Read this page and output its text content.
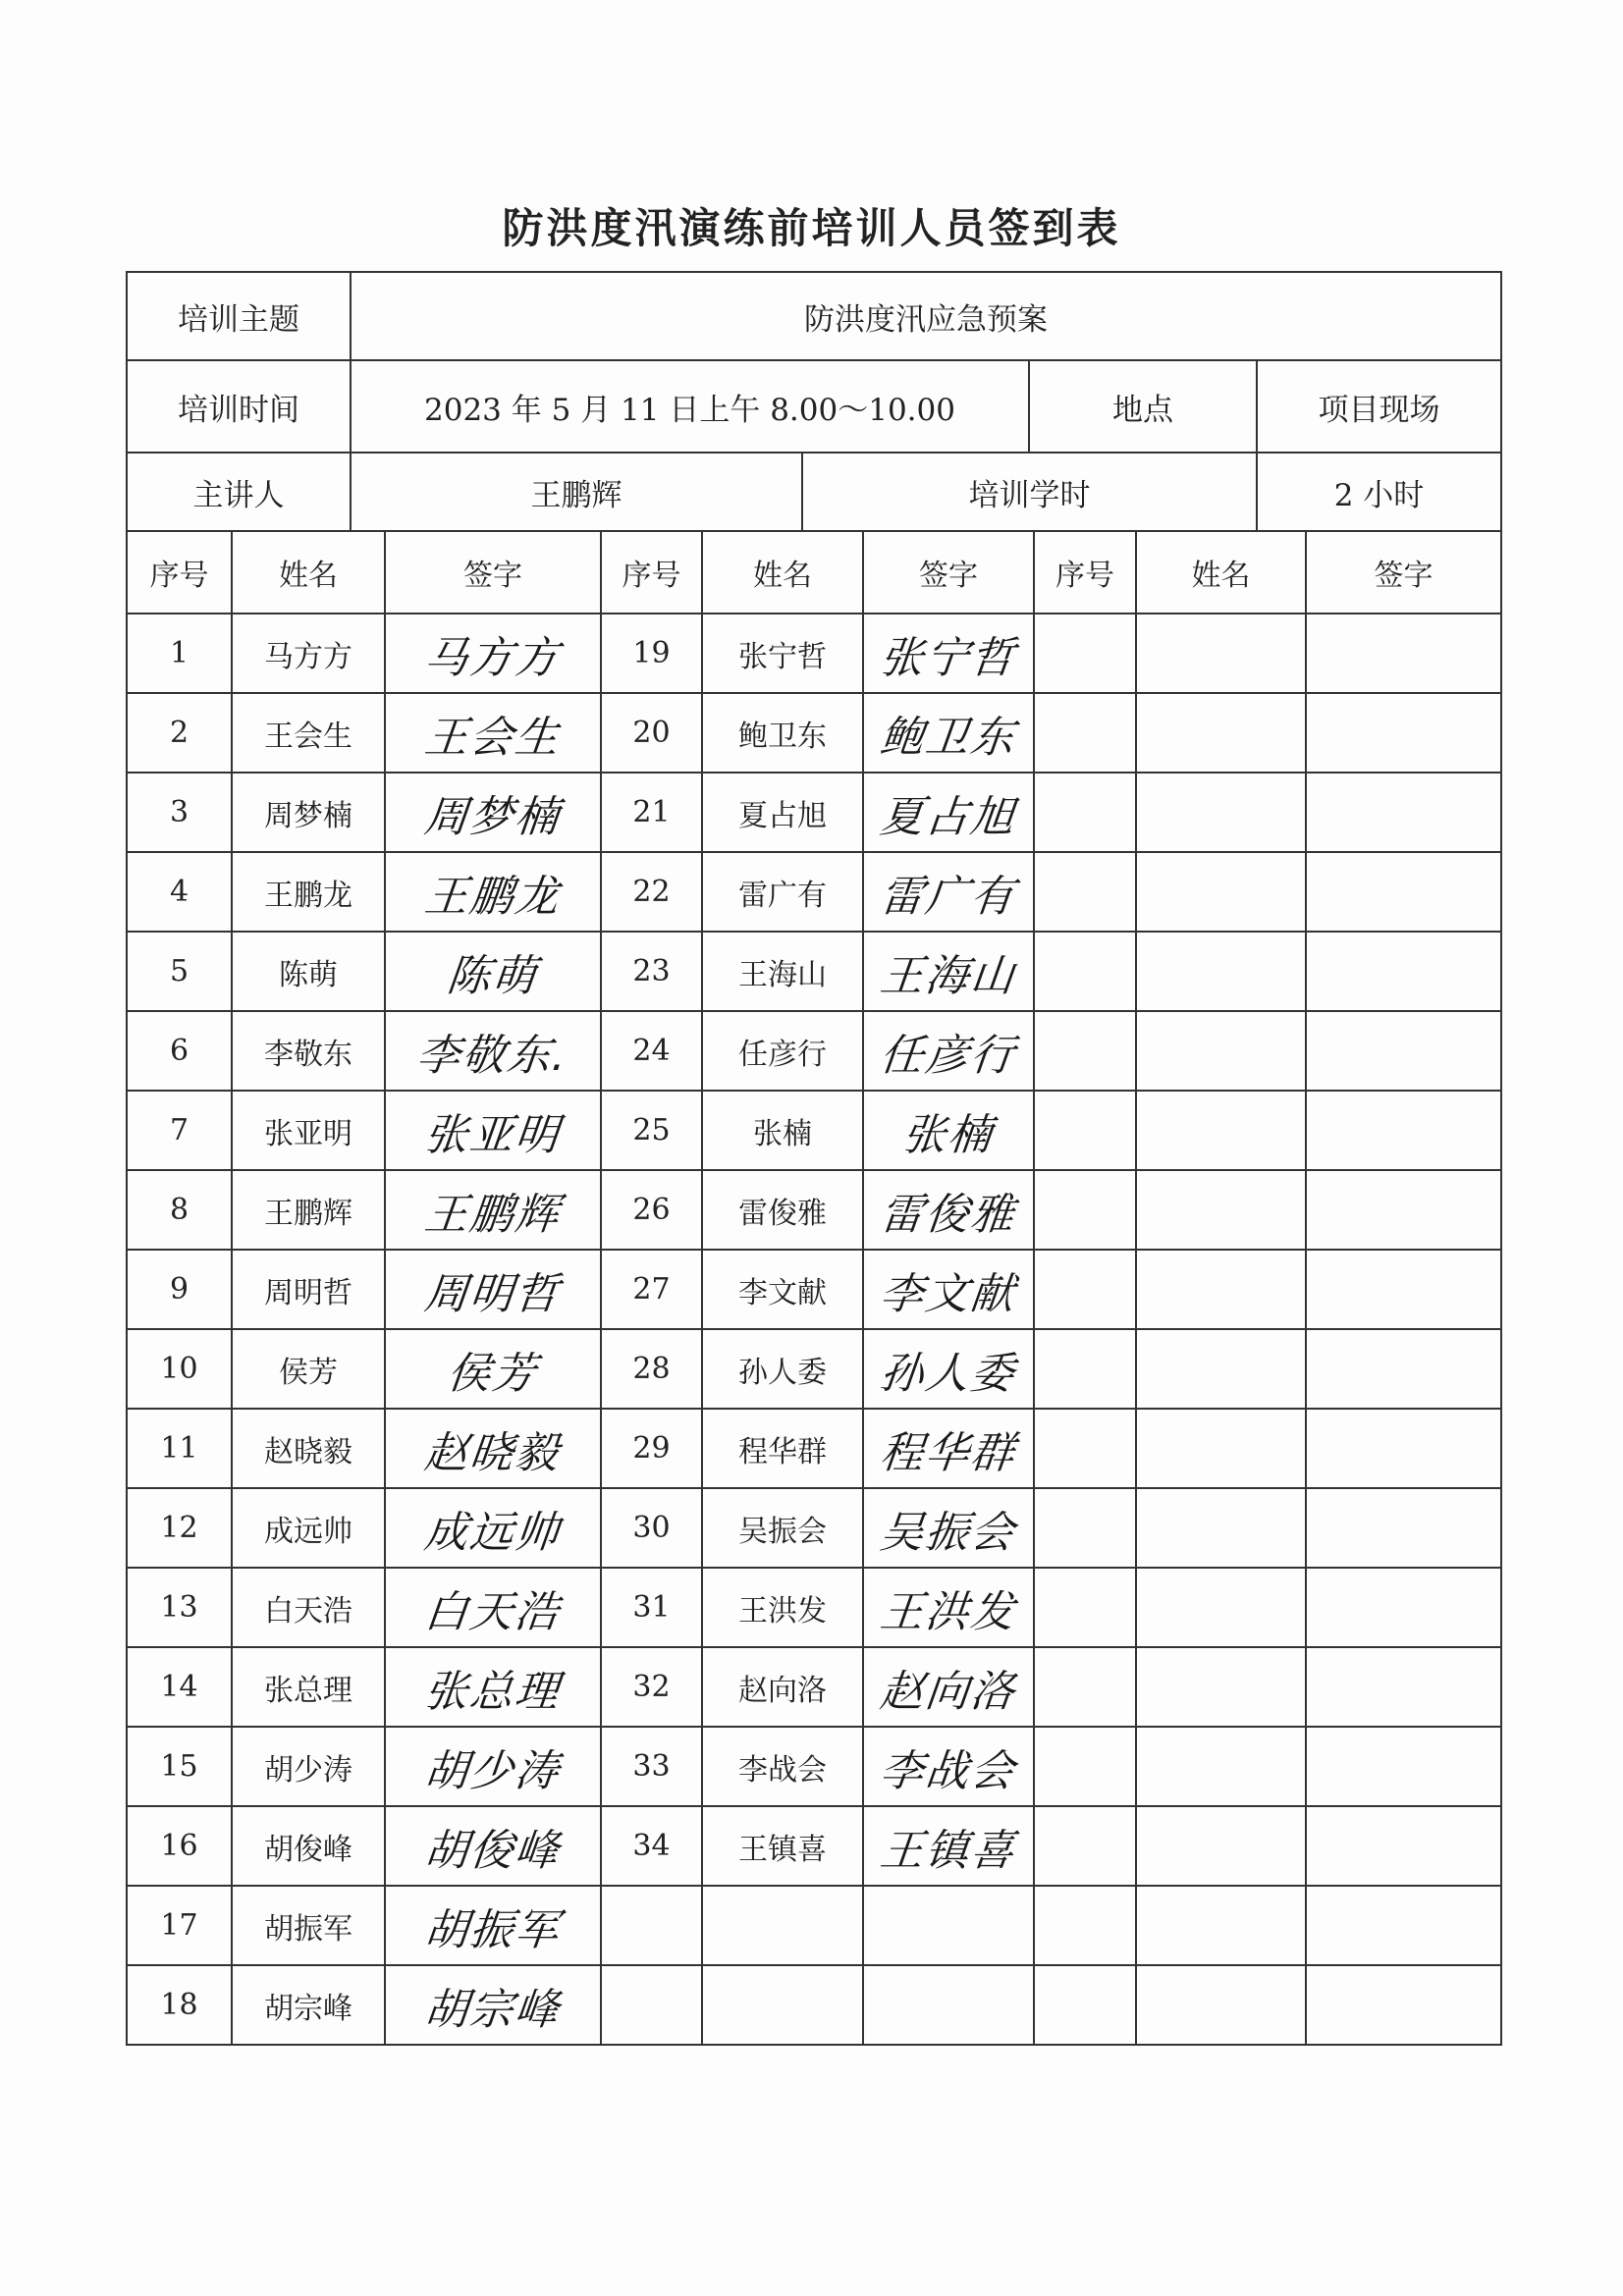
防洪度汛演练前培训人员签到表
培训主题	防洪度汛应急预案			
培训时间	2023 年 5 月 11 日上午 8.00～10.00		地点	项目现场
主讲人	王鹏辉	培训学时		2 小时
序号	姓名	签字	序号	姓名	签字	序号	姓名	签字
1	马方方	马方方	19	张宁哲	张宁哲			
2	王会生	王会生	20	鲍卫东	鲍卫东			
3	周梦楠	周梦楠	21	夏占旭	夏占旭			
4	王鹏龙	王鹏龙	22	雷广有	雷广有			
5	陈萌	陈萌	23	王海山	王海山			
6	李敬东	李敬东.	24	任彦行	任彦行			
7	张亚明	张亚明	25	张楠	张楠			
8	王鹏辉	王鹏辉	26	雷俊雅	雷俊雅			
9	周明哲	周明哲	27	李文献	李文献			
10	侯芳	侯芳	28	孙人委	孙人委			
11	赵晓毅	赵晓毅	29	程华群	程华群			
12	成远帅	成远帅	30	吴振会	吴振会			
13	白天浩	白天浩	31	王洪发	王洪发			
14	张总理	张总理	32	赵向洛	赵向洛			
15	胡少涛	胡少涛	33	李战会	李战会			
16	胡俊峰	胡俊峰	34	王镇喜	王镇喜			
17	胡振军	胡振军						
18	胡宗峰	胡宗峰						
